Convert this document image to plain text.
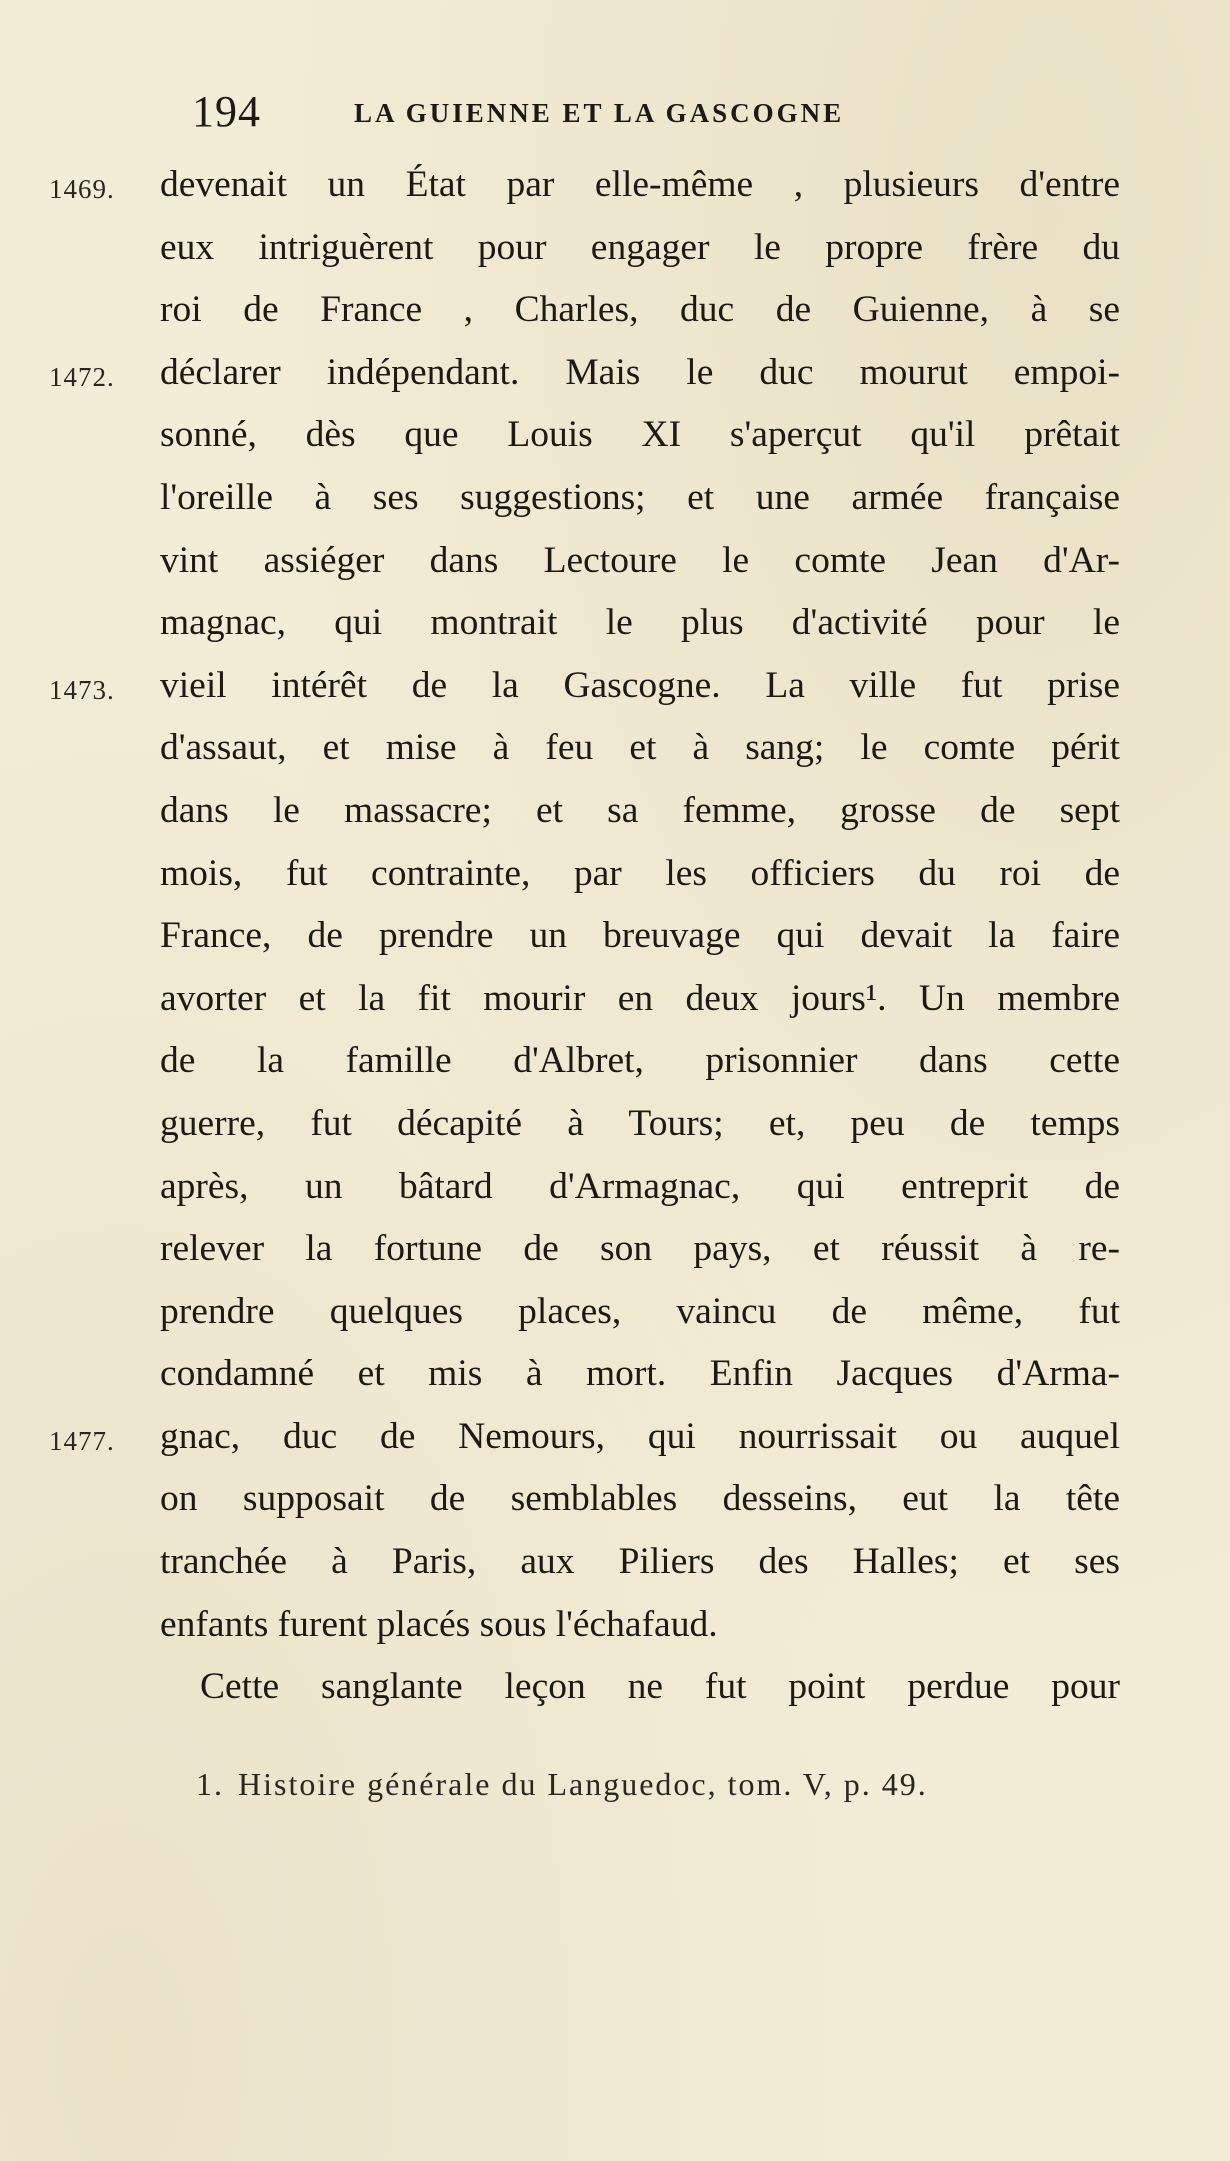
194	LA GUIENNE ET LA GASCOGNE
1469. devenait un État par elle-même , plusieurs d'entre
eux intriguèrent pour engager le propre frère du
roi de France , Charles, duc de Guienne, à se
1472. déclarer indépendant. Mais le duc mourut empoi-
sonné, dès que Louis XI s'aperçut qu'il prêtait
l'oreille à ses suggestions; et une armée française
vint assiéger dans Lectoure le comte Jean d'Ar-
magnac, qui montrait le plus d'activité pour le
1473. vieil intérêt de la Gascogne. La ville fut prise
d'assaut, et mise à feu et à sang; le comte périt
dans le massacre; et sa femme, grosse de sept
mois, fut contrainte, par les officiers du roi de
France, de prendre un breuvage qui devait la faire
avorter et la fit mourir en deux jours¹. Un membre
de la famille d'Albret, prisonnier dans cette
guerre, fut décapité à Tours; et, peu de temps
après, un bâtard d'Armagnac, qui entreprit de
relever la fortune de son pays, et réussit à re-
prendre quelques places, vaincu de même, fut
condamné et mis à mort. Enfin Jacques d'Arma-
1477. gnac, duc de Nemours, qui nourrissait ou auquel
on supposait de semblables desseins, eut la tête
tranchée à Paris, aux Piliers des Halles; et ses
enfants furent placés sous l'échafaud.
Cette sanglante leçon ne fut point perdue pour
1. Histoire générale du Languedoc, tom. V, p. 49.
